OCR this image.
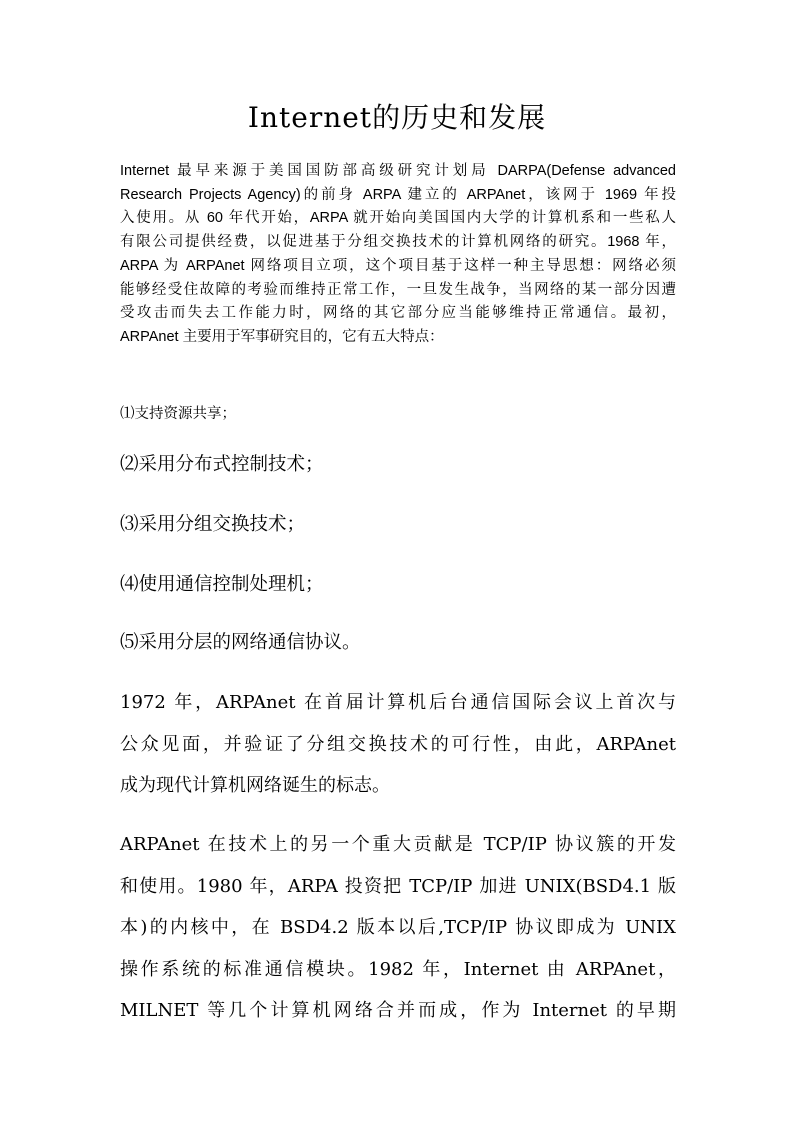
Internet的历史和发展
Internet 最早来源于美国国防部高级研究计划局 DARPA(Defense advanced
Research Projects Agency)的前身 ARPA 建立的 ARPAnet，该网于 1969 年投
入使用。从 60 年代开始，ARPA 就开始向美国国内大学的计算机系和一些私人
有限公司提供经费，以促进基于分组交换技术的计算机网络的研究。1968 年，
ARPA 为 ARPAnet 网络项目立项，这个项目基于这样一种主导思想：网络必须
能够经受住故障的考验而维持正常工作，一旦发生战争，当网络的某一部分因遭
受攻击而失去工作能力时，网络的其它部分应当能够维持正常通信。最初，
ARPAnet 主要用于军事研究目的，它有五大特点：
⑴支持资源共享；
⑵采用分布式控制技术；
⑶采用分组交换技术；
⑷使用通信控制处理机；
⑸采用分层的网络通信协议。
1972 年，ARPAnet 在首届计算机后台通信国际会议上首次与
公众见面，并验证了分组交换技术的可行性，由此，ARPAnet
成为现代计算机网络诞生的标志。
ARPAnet 在技术上的另一个重大贡献是 TCP/IP 协议簇的开发
和使用。1980 年，ARPA 投资把 TCP/IP 加进 UNIX(BSD4.1 版
本)的内核中，在 BSD4.2 版本以后,TCP/IP 协议即成为 UNIX
操作系统的标准通信模块。1982 年，Internet 由 ARPAnet，
MILNET 等几个计算机网络合并而成，作为 Internet 的早期
